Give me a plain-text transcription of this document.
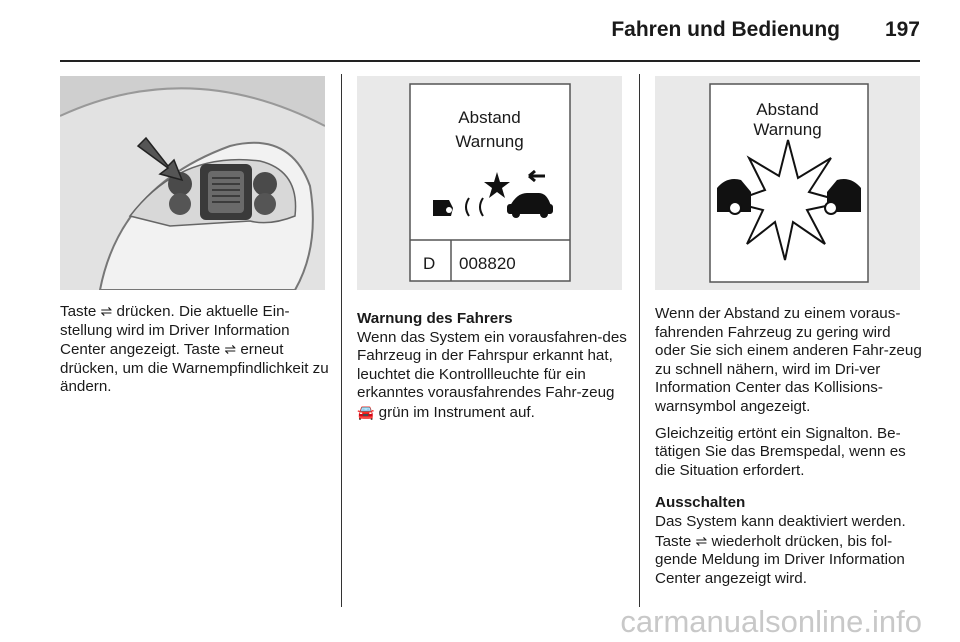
Fahren und Bedienung 197
Abstand
Warnung
D 008820
Abstand
Warnung

Taste ⇌ drücken. Die aktuelle Ein-stellung wird im Driver Information Center angezeigt. Taste ⇌ erneut drücken, um die Warnempfindlichkeit zu ändern.

Warnung des Fahrers

Wenn das System ein vorausfahren-des Fahrzeug in der Fahrspur erkannt hat, leuchtet die Kontrollleuchte für ein erkanntes vorausfahrendes Fahr-zeug 🚘 grün im Instrument auf.

Wenn der Abstand zu einem voraus-fahrenden Fahrzeug zu gering wird oder Sie sich einem anderen Fahr-zeug zu schnell nähern, wird im Dri-ver Information Center das Kollisions-warnsymbol angezeigt.

Gleichzeitig ertönt ein Signalton. Be-tätigen Sie das Bremspedal, wenn es die Situation erfordert.

Ausschalten

Das System kann deaktiviert werden. Taste ⇌ wiederholt drücken, bis fol-gende Meldung im Driver Information Center angezeigt wird.

carmanualsonline.info
